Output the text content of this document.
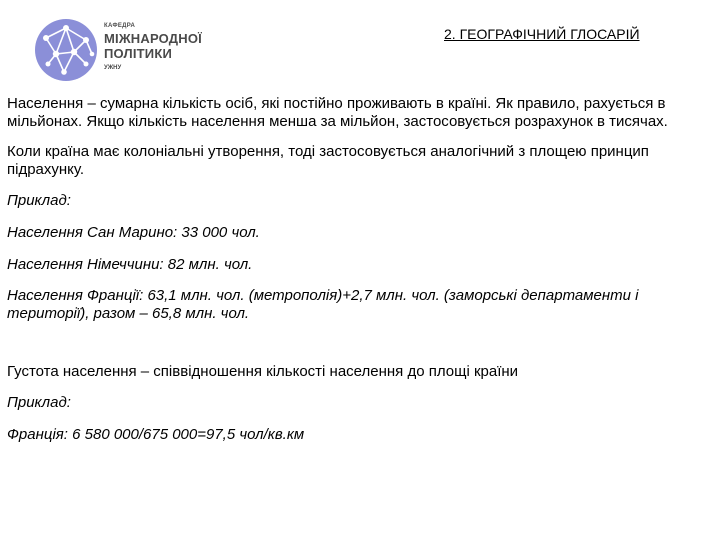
КАФЕДРА
МІЖНАРОДНОЇ
ПОЛІТИКИ
УЖНУ
2. ГЕОГРАФІЧНИЙ ГЛОСАРІЙ

Населення – сумарна кількість осіб, які постійно проживають в країні. Як правило, рахується в мільйонах. Якщо кількість населення менша за мільйон, застосовується розрахунок в тисячах.

Коли країна має колоніальні утворення, тоді застосовується аналогічний з площею принцип підрахунку.

Приклад:

Населення Сан Марино: 33 000 чол.

Населення Німеччини: 82 млн. чол.

Населення Франції: 63,1 млн. чол. (метрополія)+2,7 млн. чол. (заморські департаменти і території), разом – 65,8 млн. чол.

Густота населення – співвідношення кількості населення до площі країни

Приклад:

Франція: 6 580 000/675 000=97,5 чол/кв.км
